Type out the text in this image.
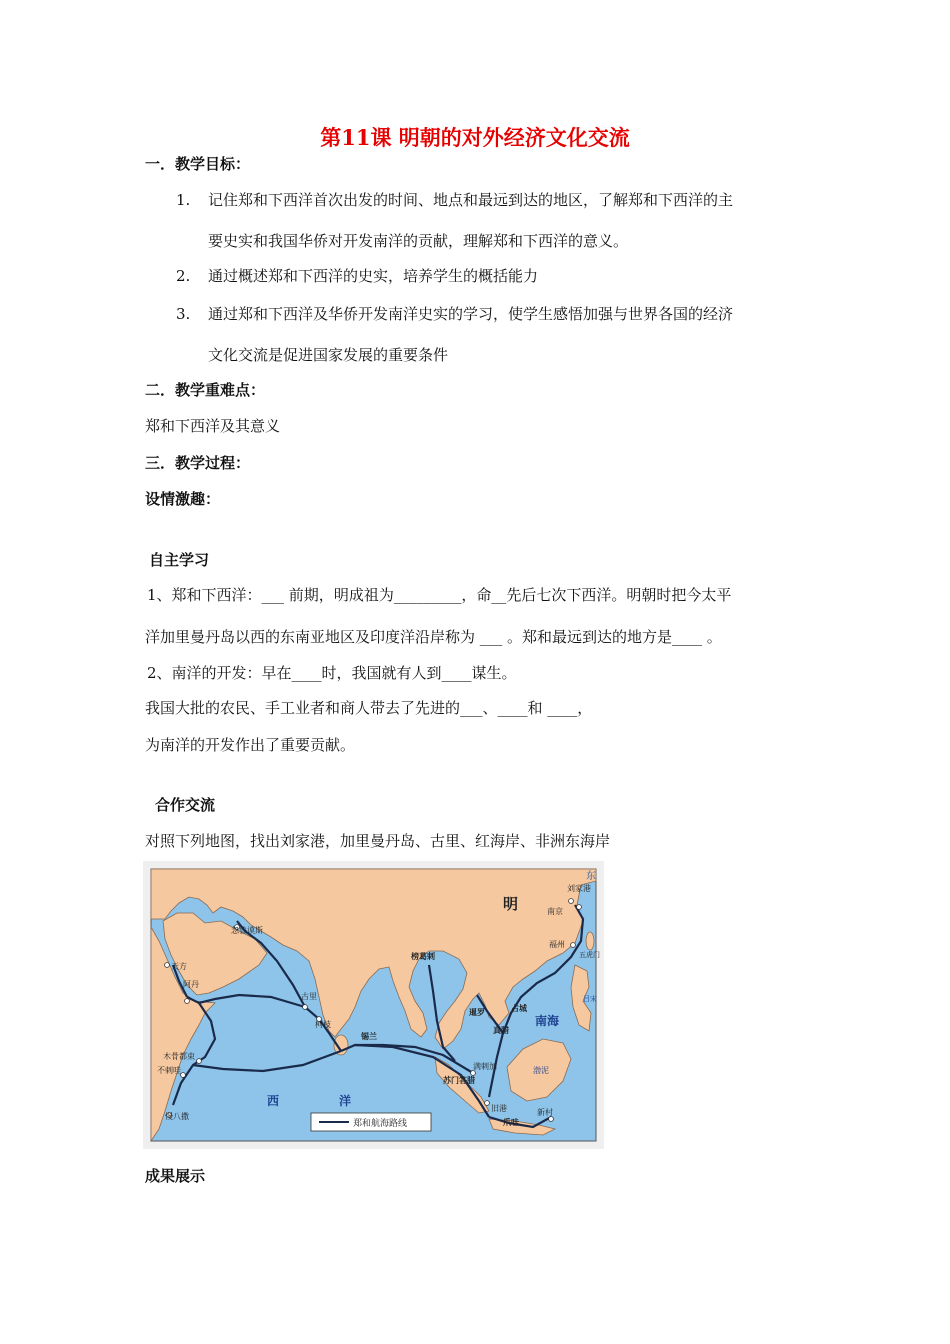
第11课 明朝的对外经济文化交流
一．教学目标：
1. 记住郑和下西洋首次出发的时间、地点和最远到达的地区，了解郑和下西洋的主
要史实和我国华侨对开发南洋的贡献，理解郑和下西洋的意义。
2. 通过概述郑和下西洋的史实，培养学生的概括能力
3. 通过郑和下西洋及华侨开发南洋史实的学习，使学生感悟加强与世界各国的经济
文化交流是促进国家发展的重要条件
二．教学重难点：
郑和下西洋及其意义
三．教学过程：
设情激趣：
自主学习
1、郑和下西洋：___ 前期，明成祖为_________，命__先后七次下西洋。明朝时把今太平
洋加里曼丹岛以西的东南亚地区及印度洋沿岸称为 ___ 。郑和最远到达的地方是____ 。
2、南洋的开发：早在____时，我国就有人到____谋生。
我国大批的农民、手工业者和商人带去了先进的___、____和 ____，
为南洋的开发作出了重要贡献。
合作交流
对照下列地图，找出刘家港，加里曼丹岛、古里、红海岸、非洲东海岸
明
东
南京
刘家港
福州
五虎门
忽鲁谟斯
天方
阿丹
榜葛剌
暹罗	占城
真腊
南海
古里
柯枝
锡兰
满剌加
苏门答腊
旧港
爪哇
新村
木骨都束
不剌哇
慢八撒
西	洋
吕宋
渤泥
郑和航海路线
成果展示
